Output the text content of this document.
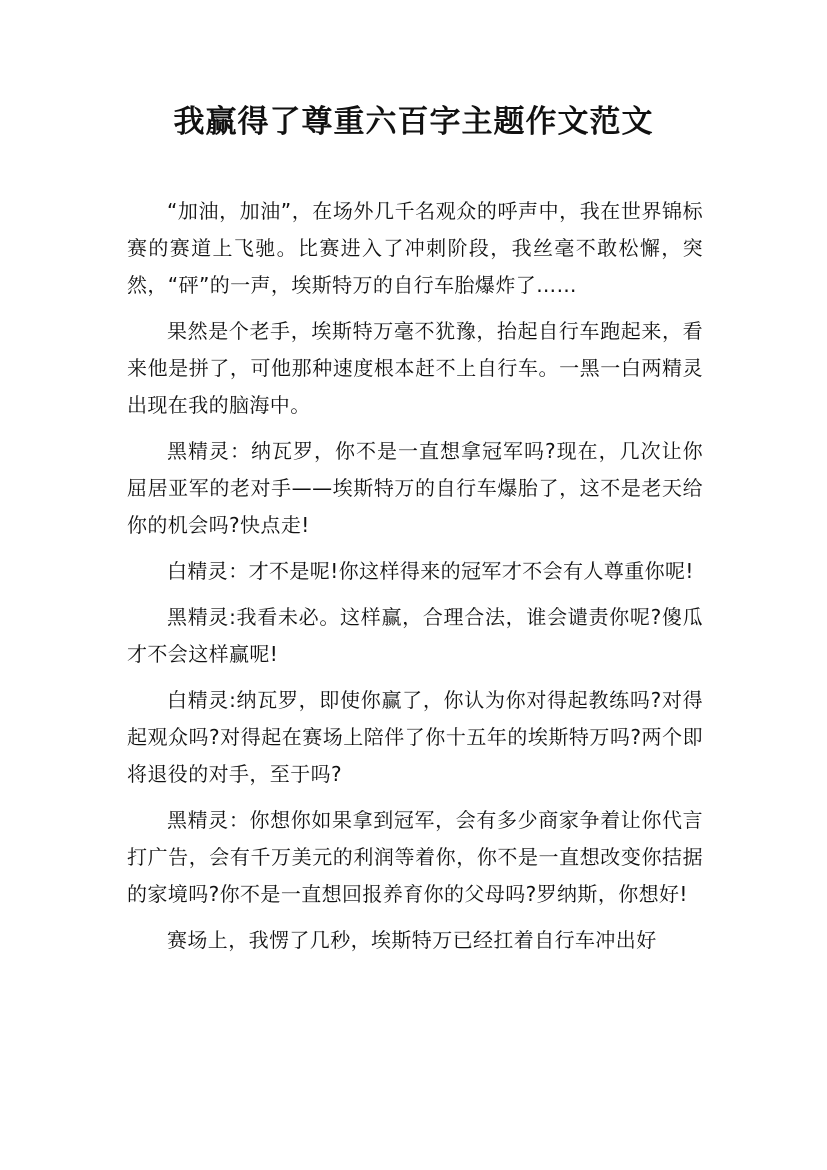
我赢得了尊重六百字主题作文范文

“加油，加油”，在场外几千名观众的呼声中，我在世界锦标赛的赛道上飞驰。比赛进入了冲刺阶段，我丝毫不敢松懈，突然，“砰”的一声，埃斯特万的自行车胎爆炸了……

果然是个老手，埃斯特万毫不犹豫，抬起自行车跑起来，看来他是拼了，可他那种速度根本赶不上自行车。一黑一白两精灵出现在我的脑海中。

黑精灵：纳瓦罗，你不是一直想拿冠军吗?现在，几次让你屈居亚军的老对手——埃斯特万的自行车爆胎了，这不是老天给你的机会吗?快点走!

白精灵：才不是呢!你这样得来的冠军才不会有人尊重你呢!

黑精灵:我看未必。这样赢，合理合法，谁会谴责你呢?傻瓜才不会这样赢呢!

白精灵:纳瓦罗，即使你赢了，你认为你对得起教练吗?对得起观众吗?对得起在赛场上陪伴了你十五年的埃斯特万吗?两个即将退役的对手，至于吗?

黑精灵：你想你如果拿到冠军，会有多少商家争着让你代言打广告，会有千万美元的利润等着你，你不是一直想改变你拮据的家境吗?你不是一直想回报养育你的父母吗?罗纳斯，你想好!

赛场上，我愣了几秒，埃斯特万已经扛着自行车冲出好
